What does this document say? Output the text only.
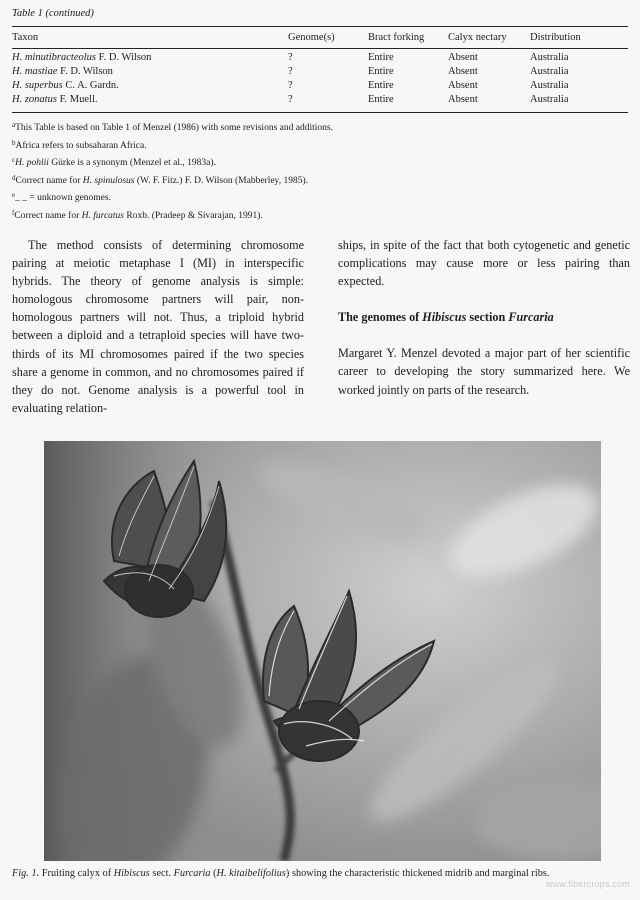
Table 1 (continued)
Taxon	Genome(s)	Bract forking	Calyx nectary	Distribution
H. minutibracteolus F. D. Wilson	?	Entire	Absent	Australia
H. mastiae F. D. Wilson	?	Entire	Absent	Australia
H. superbus C. A. Gardn.	?	Entire	Absent	Australia
H. zonatus F. Muell.	?	Entire	Absent	Australia

$^a$This Table is based on Table 1 of Menzel (1986) with some revisions and additions.

$^b$Africa refers to subsaharan Africa.

$^c$H. pohlii Gürke is a synonym (Menzel et al., 1983a).

$^d$Correct name for H. spinulosus (W. F. Fitz.) F. D. Wilson (Mabberley, 1985).

$^e$_ _ = unknown genomes.

$^f$Correct name for H. furcatus Roxb. (Pradeep & Sivarajan, 1991).

The method consists of determining chromosome pairing at meiotic metaphase I (MI) in interspecific hybrids. The theory of genome analysis is simple: homologous chromosome partners will pair, non-homologous partners will not. Thus, a triploid hybrid between a diploid and a tetraploid species will have two-thirds of its MI chromosomes paired if the two species share a genome in common, and no chromosomes paired if they do not. Genome analysis is a powerful tool in evaluating relation-

ships, in spite of the fact that both cytogenetic and genetic complications may cause more or less pairing than expected.

The genomes of Hibiscus section Furcaria

Margaret Y. Menzel devoted a major part of her scientific career to developing the story summarized here. We worked jointly on parts of the research.

Fig. 1. Fruiting calyx of Hibiscus sect. Furcaria (H. kitaibelifolius) showing the characteristic thickened midrib and marginal ribs.
www.fibercrops.com
